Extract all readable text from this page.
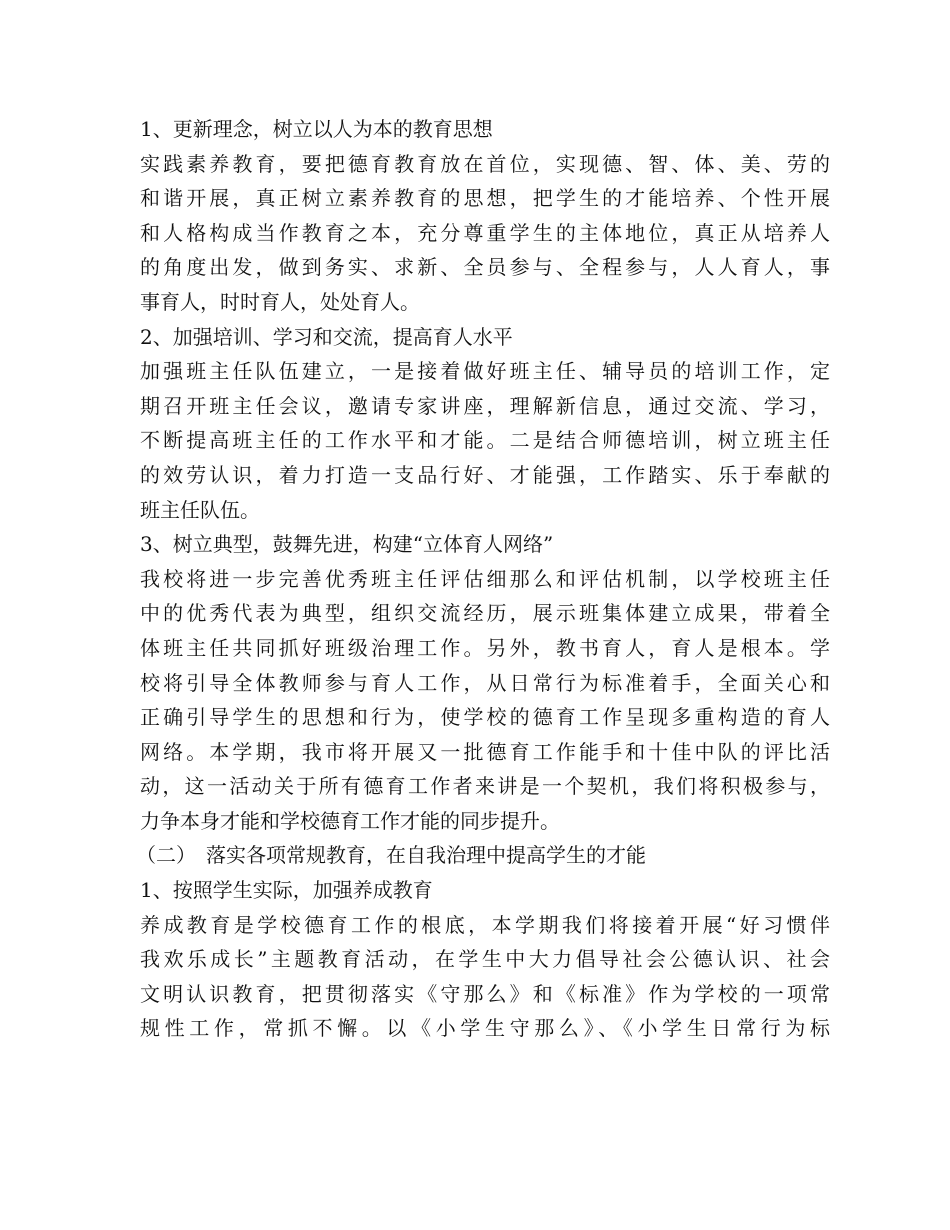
1、更新理念，树立以人为本的教育思想
实践素养教育，要把德育教育放在首位，实现德、智、体、美、劳的
和谐开展，真正树立素养教育的思想，把学生的才能培养、个性开展
和人格构成当作教育之本，充分尊重学生的主体地位，真正从培养人
的角度出发，做到务实、求新、全员参与、全程参与，人人育人，事
事育人，时时育人，处处育人。
2、加强培训、学习和交流，提高育人水平
加强班主任队伍建立，一是接着做好班主任、辅导员的培训工作，定
期召开班主任会议，邀请专家讲座，理解新信息，通过交流、学习，
不断提高班主任的工作水平和才能。二是结合师德培训，树立班主任
的效劳认识，着力打造一支品行好、才能强，工作踏实、乐于奉献的
班主任队伍。
3、树立典型，鼓舞先进，构建“立体育人网络”
我校将进一步完善优秀班主任评估细那么和评估机制，以学校班主任
中的优秀代表为典型，组织交流经历，展示班集体建立成果，带着全
体班主任共同抓好班级治理工作。另外，教书育人，育人是根本。学
校将引导全体教师参与育人工作，从日常行为标准着手，全面关心和
正确引导学生的思想和行为，使学校的德育工作呈现多重构造的育人
网络。本学期，我市将开展又一批德育工作能手和十佳中队的评比活
动，这一活动关于所有德育工作者来讲是一个契机，我们将积极参与，
力争本身才能和学校德育工作才能的同步提升。
（二）　落实各项常规教育，在自我治理中提高学生的才能
1、按照学生实际，加强养成教育
养成教育是学校德育工作的根底，本学期我们将接着开展“好习惯伴
我欢乐成长”主题教育活动，在学生中大力倡导社会公德认识、社会
文明认识教育，把贯彻落实《守那么》和《标准》作为学校的一项常
规性工作，常抓不懈。以《小学生守那么》、《小学生日常行为标
